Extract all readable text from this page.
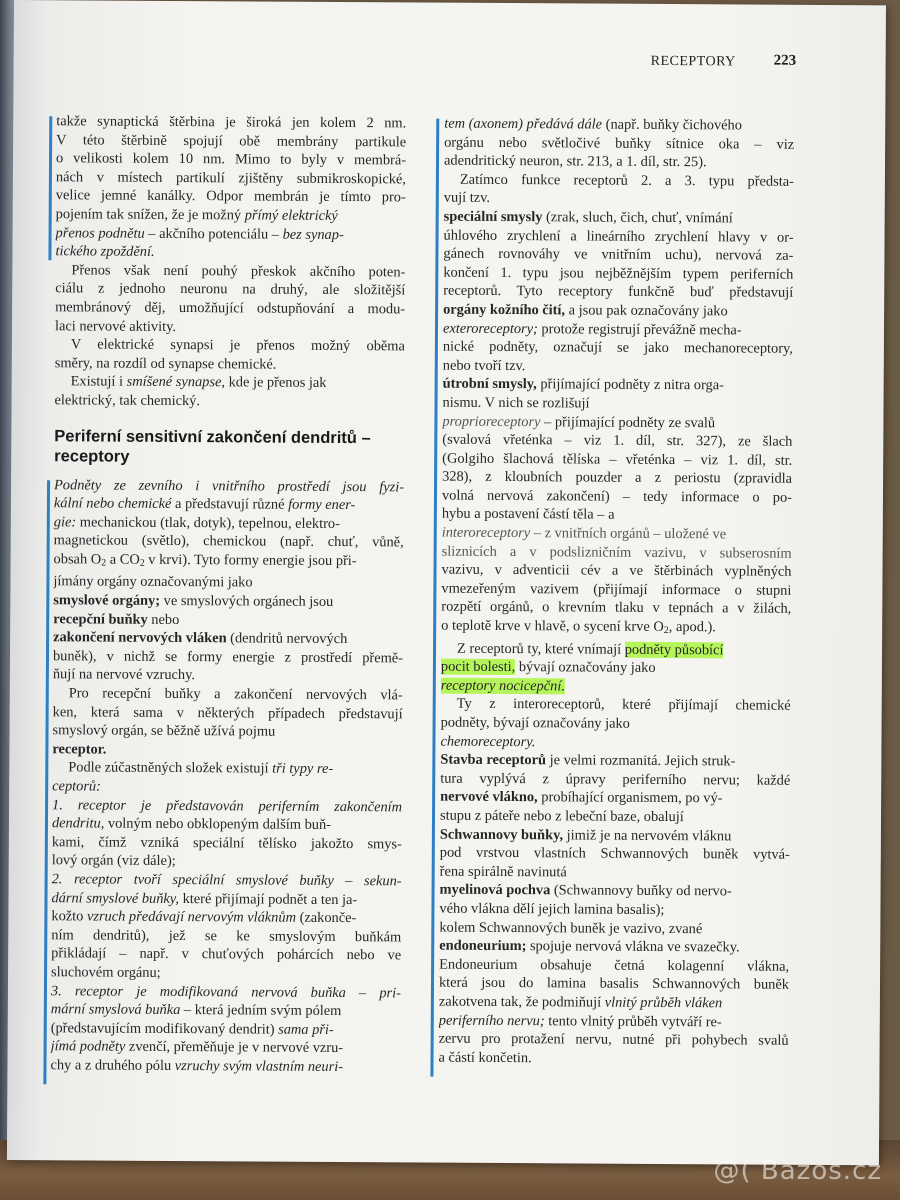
RECEPTORY	223

takže synaptická štěrbina je široká jen kolem 2 nm.
V této štěrbině spojují obě membrány partikule
o velikosti kolem 10 nm. Mimo to byly v membrá-
nách v místech partikulí zjištěny submikroskopické,
velice jemné kanálky. Odpor membrán je tímto pro-
pojením tak snížen, že je možný přímý elektrický
přenos podnětu – akčního potenciálu – bez synap-
tického zpoždění.

Přenos však není pouhý přeskok akčního poten-
ciálu z jednoho neuronu na druhý, ale složitější
membránový děj, umožňující odstupňování a modu-
laci nervové aktivity.

V elektrické synapsi je přenos možný oběma
směry, na rozdíl od synapse chemické.

Existují i smíšené synapse, kde je přenos jak
elektrický, tak chemický.

Periferní sensitivní zakončení dendritů –
receptory

Podněty ze zevního i vnitřního prostředí jsou fyzi-
kální nebo chemické a představují různé formy ener-
gie: mechanickou (tlak, dotyk), tepelnou, elektro-
magnetickou (světlo), chemickou (např. chuť, vůně,
obsah $O_2$ a $CO_2$ v krvi). Tyto formy energie jsou při-
jímány orgány označovanými jako
smyslové orgány; ve smyslových orgánech jsou
recepční buňky nebo
zakončení nervových vláken (dendritů nervových
buněk), v nichž se formy energie z prostředí přemě-
ňují na nervové vzruchy.

Pro recepční buňky a zakončení nervových vlá-
ken, která sama v některých případech představují
smyslový orgán, se běžně užívá pojmu
receptor.

Podle zúčastněných složek existují tři typy re-
ceptorů:
1. receptor je představován periferním zakončením
dendritu, volným nebo obklopeným dalším buň-
kami, čímž vzniká speciální tělísko jakožto smys-
lový orgán (viz dále);
2. receptor tvoří speciální smyslové buňky – sekun-
dární smyslové buňky, které přijímají podnět a ten ja-
kožto vzruch předávají nervovým vláknům (zakonče-
ním dendritů), jež se ke smyslovým buňkám
přikládají – např. v chuťových pohárcích nebo ve
sluchovém orgánu;
3. receptor je modifikovaná nervová buňka – pri-
mární smyslová buňka – která jedním svým pólem
(představujícím modifikovaný dendrit) sama při-
jímá podněty zvenčí, přeměňuje je v nervové vzru-
chy a z druhého pólu vzruchy svým vlastním neuri-

tem (axonem) předává dále (např. buňky čichového
orgánu nebo světločivé buňky sítnice oka – viz
adendritický neuron, str. 213, a 1. díl, str. 25).

Zatímco funkce receptorů 2. a 3. typu předsta-
vují tzv.
speciální smysly (zrak, sluch, čich, chuť, vnímání
úhlového zrychlení a lineárního zrychlení hlavy v or-
gánech rovnováhy ve vnitřním uchu), nervová za-
končení 1. typu jsou nejběžnějším typem periferních
receptorů. Tyto receptory funkčně buď představují
orgány kožního čití, a jsou pak označovány jako
exteroreceptory; protože registrují převážně mecha-
nické podněty, označují se jako mechanoreceptory,
nebo tvoří tzv.
útrobní smysly, přijímající podněty z nitra orga-
nismu. V nich se rozlišují
proprioreceptory – přijímající podněty ze svalů
(svalová vřeténka – viz 1. díl, str. 327), ze šlach
(Golgiho šlachová tělíska – vřeténka – viz 1. díl, str.
328), z kloubních pouzder a z periostu (zpravidla
volná nervová zakončení) – tedy informace o po-
hybu a postavení částí těla – a
interoreceptory – z vnitřních orgánů – uložené ve
sliznicích a v podslizničním vazivu, v subserosním
vazivu, v adventicii cév a ve štěrbinách vyplněných
vmezeřeným vazivem (přijímají informace o stupni
rozpětí orgánů, o krevním tlaku v tepnách a v žilách,
o teplotě krve v hlavě, o sycení krve $O_2$, apod.).

Z receptorů ty, které vnímají podněty působící
pocit bolesti, bývají označovány jako
receptory nocicepční.

Ty z interoreceptorů, které přijímají chemické
podněty, bývají označovány jako
chemoreceptory.

Stavba receptorů je velmi rozmanitá. Jejich struk-
tura vyplývá z úpravy periferního nervu; každé
nervové vlákno, probíhající organismem, po vý-
stupu z páteře nebo z lebeční baze, obalují
Schwannovy buňky, jimiž je na nervovém vláknu
pod vrstvou vlastních Schwannových buněk vytvá-
řena spirálně navinutá
myelinová pochva (Schwannovy buňky od nervo-
vého vlákna dělí jejich lamina basalis);
kolem Schwannových buněk je vazivo, zvané
endoneurium; spojuje nervová vlákna ve svazečky.
Endoneurium obsahuje četná kolagenní vlákna,
která jsou do lamina basalis Schwannových buněk
zakotvena tak, že podmiňují vlnitý průběh vláken
periferního nervu; tento vlnitý průběh vytváří re-
zervu pro protažení nervu, nutné při pohybech svalů
a částí končetin.

@( Bazos.cz
